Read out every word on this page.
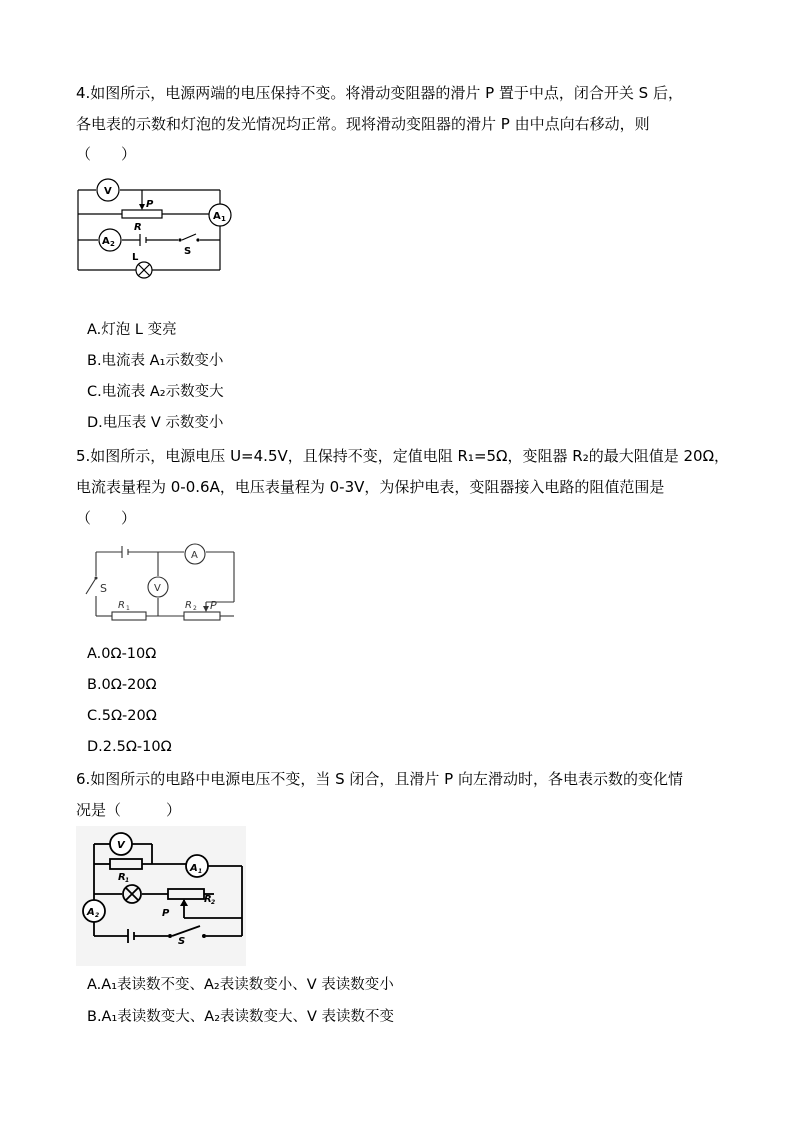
4.如图所示，电源两端的电压保持不变。将滑动变阻器的滑片 P 置于中点，闭合开关 S 后，
各电表的示数和灯泡的发光情况均正常。现将滑动变阻器的滑片 P 由中点向右移动，则
（　　）
V
P
R
A 1
A 2
S
L
A.灯泡 L 变亮
B.电流表 A₁示数变小
C.电流表 A₂示数变大
D.电压表 V 示数变小
5.如图所示，电源电压 U=4.5V，且保持不变，定值电阻 R₁=5Ω，变阻器 R₂的最大阻值是 20Ω，
电流表量程为 0-0.6A，电压表量程为 0-3V，为保护电表，变阻器接入电路的阻值范围是
（　　）
A
V
S
R 1	R 2 P
A.0Ω-10Ω
B.0Ω-20Ω
C.5Ω-20Ω
D.2.5Ω-10Ω
6.如图所示的电路中电源电压不变，当 S 闭合，且滑片 P 向左滑动时，各电表示数的变化情
况是（　　　）
V
R 1
A 1
R 2
A 2	P
S
A.A₁表读数不变、A₂表读数变小、V 表读数变小
B.A₁表读数变大、A₂表读数变大、V 表读数不变
